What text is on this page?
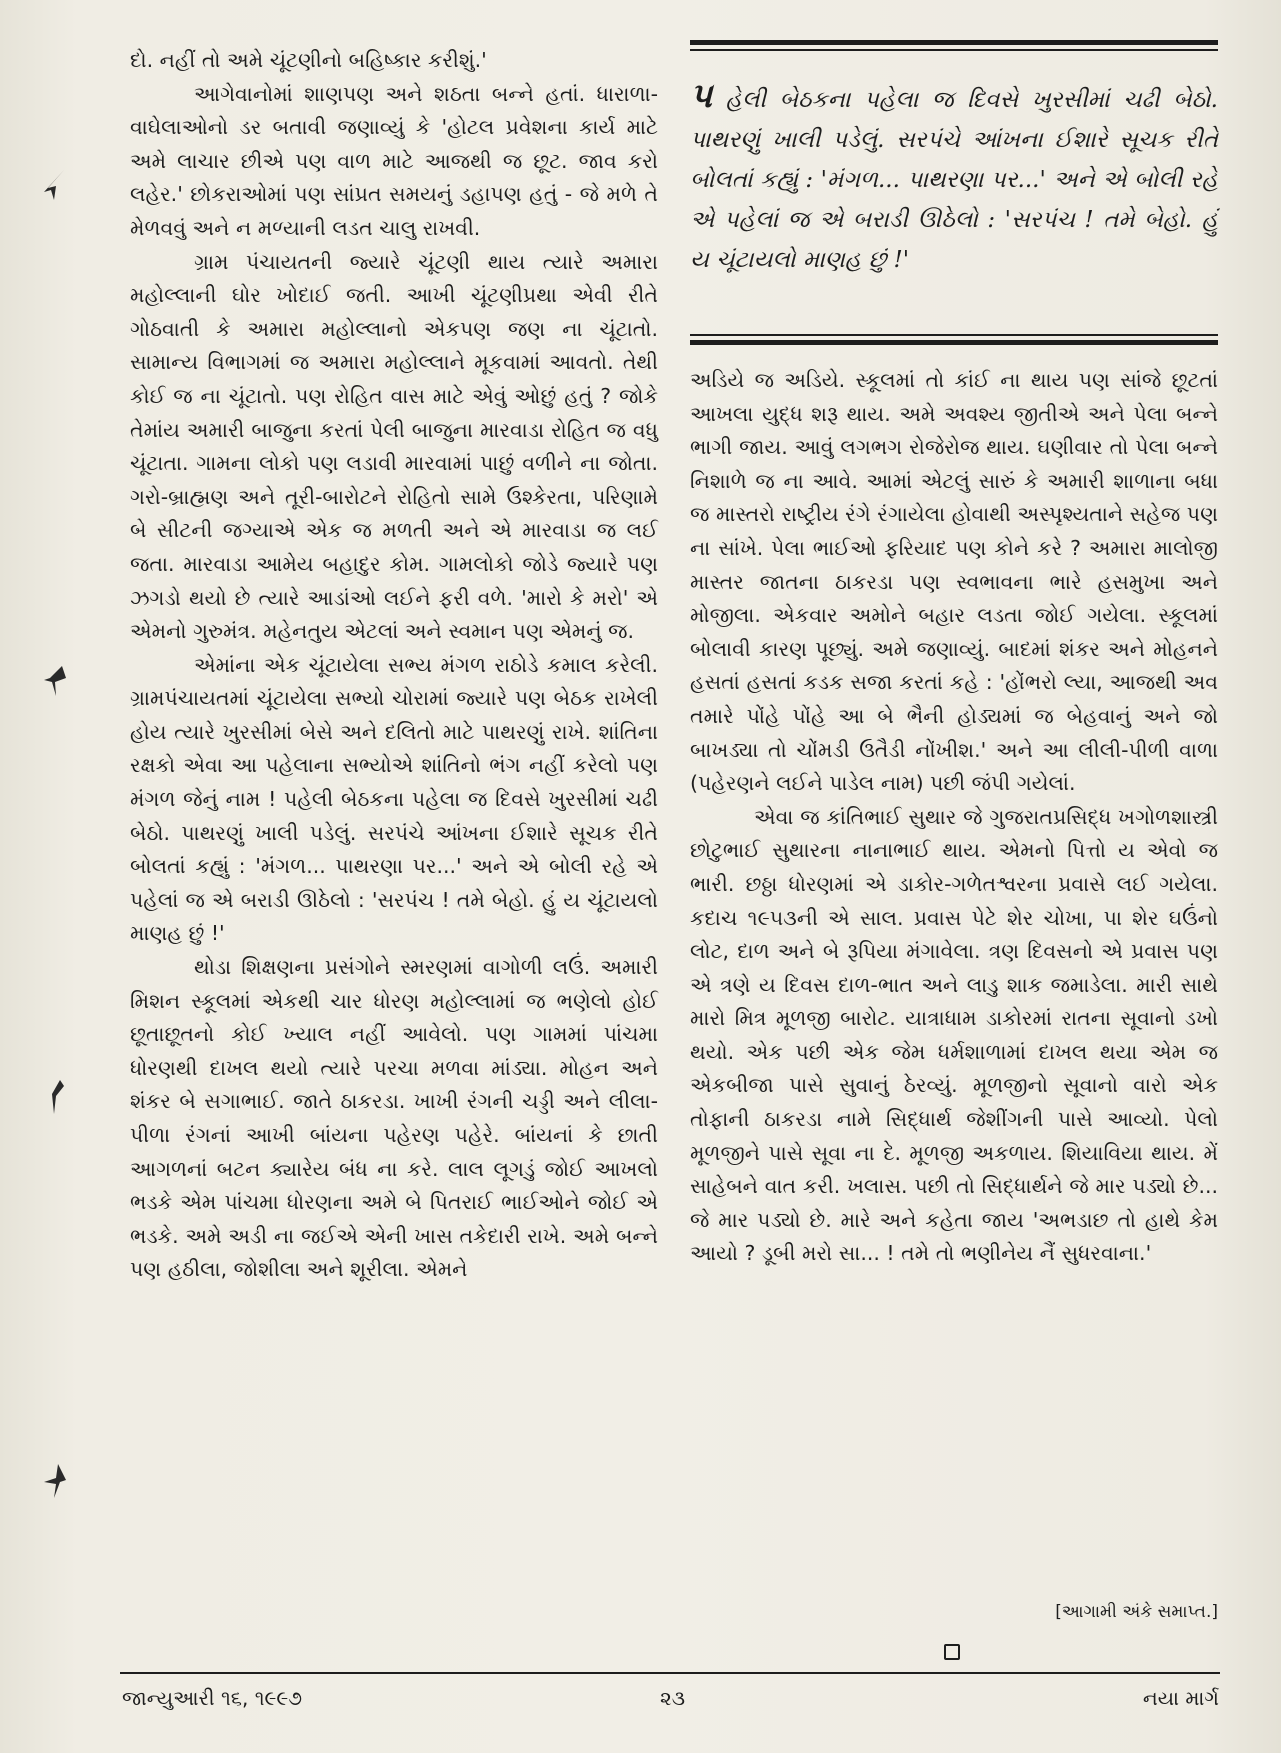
દો. નહીં તો અમે ચૂંટણીનો બહિષ્કાર કરીશું.'

આગેવાનોમાં શાણપણ અને શઠતા બન્ને હતાં. ધારાળા-વાઘેલાઓનો ડર બતાવી જણાવ્યું કે 'હોટલ પ્રવેશના કાર્ય માટે અમે લાચાર છીએ પણ વાળ માટે આજથી જ છૂટ. જાવ કરો લહેર.' છોકરાઓમાં પણ સાંપ્રત સમયનું ડહાપણ હતું - જે મળે તે મેળવવું અને ન મળ્યાની લડત ચાલુ રાખવી.

ગ્રામ પંચાયતની જ્યારે ચૂંટણી થાય ત્યારે અમારા મહોલ્લાની ઘોર ખોદાઈ જતી. આખી ચૂંટણીપ્રથા એવી રીતે ગોઠવાતી કે અમારા મહોલ્લાનો એકપણ જણ ના ચૂંટાતો. સામાન્ય વિભાગમાં જ અમારા મહોલ્લાને મૂકવામાં આવતો. તેથી કોઈ જ ના ચૂંટાતો. પણ રોહિત વાસ માટે એવું ઓછું હતું ? જોકે તેમાંય અમારી બાજુના કરતાં પેલી બાજુના મારવાડા રોહિત જ વધુ ચૂંટાતા. ગામના લોકો પણ લડાવી મારવામાં પાછું વળીને ના જોતા. ગરો-બ્રાહ્મણ અને તૂરી-બારોટને રોહિતો સામે ઉશ્કેરતા, પરિણામે બે સીટની જગ્યાએ એક જ મળતી અને એ મારવાડા જ લઈ જતા. મારવાડા આમેય બહાદુર કોમ. ગામલોકો જોડે જ્યારે પણ ઝગડો થયો છે ત્યારે આડાંઓ લઈને ફરી વળે. 'મારો કે મરો' એ એમનો ગુરુમંત્ર. મહેનતુય એટલાં અને સ્વમાન પણ એમનું જ.

એમાંના એક ચૂંટાયેલા સભ્ય મંગળ રાઠોડે કમાલ કરેલી. ગ્રામપંચાયતમાં ચૂંટાયેલા સભ્યો ચોરામાં જ્યારે પણ બેઠક રાખેલી હોય ત્યારે ખુરસીમાં બેસે અને દલિતો માટે પાથરણું રાખે. શાંતિના રક્ષકો એવા આ પહેલાના સભ્યોએ શાંતિનો ભંગ નહીં કરેલો પણ મંગળ જેનું નામ ! પહેલી બેઠકના પહેલા જ દિવસે ખુરસીમાં ચઢી બેઠો. પાથરણું ખાલી પડેલું. સરપંચે આંખના ઈશારે સૂચક રીતે બોલતાં કહ્યું : 'મંગળ... પાથરણા પર...' અને એ બોલી રહે એ પહેલાં જ એ બરાડી ઊઠેલો : 'સરપંચ ! તમે બેહો. હું ય ચૂંટાયલો માણહ છું !'

થોડા શિક્ષણના પ્રસંગોને સ્મરણમાં વાગોળી લઉં. અમારી મિશન સ્કૂલમાં એકથી ચાર ધોરણ મહોલ્લામાં જ ભણેલો હોઈ છૂતાછૂતનો કોઈ ખ્યાલ નહીં આવેલો. પણ ગામમાં પાંચમા ધોરણથી દાખલ થયો ત્યારે પરચા મળવા માંડ્યા. મોહન અને શંકર બે સગાભાઈ. જાતે ઠાકરડા. ખાખી રંગની ચડ્ડી અને લીલા-પીળા રંગનાં આખી બાંયના પહેરણ પહેરે. બાંયનાં કે છાતી આગળનાં બટન ક્યારેય બંધ ના કરે. લાલ લૂગડું જોઈ આખલો ભડકે એમ પાંચમા ધોરણના અમે બે પિતરાઈ ભાઈઓને જોઈ એ ભડકે. અમે અડી ના જઈએ એની ખાસ તકેદારી રાખે. અમે બન્ને પણ હઠીલા, જોશીલા અને શૂરીલા. એમને

પ હેલી બેઠકના પહેલા જ દિવસે ખુરસીમાં ચઢી બેઠો. પાથરણું ખાલી પડેલું. સરપંચે આંખના ઈશારે સૂચક રીતે બોલતાં કહ્યું : 'મંગળ... પાથરણા પર...' અને એ બોલી રહે એ પહેલાં જ એ બરાડી ઊઠેલો : 'સરપંચ ! તમે બેહો. હું ય ચૂંટાયલો માણહ છું !'

અડિયે જ અડિયે. સ્કૂલમાં તો કાંઈ ના થાય પણ સાંજે છૂટતાં આખલા યુદ્ધ શરૂ થાય. અમે અવશ્ય જીતીએ અને પેલા બન્ને ભાગી જાય. આવું લગભગ રોજેરોજ થાય. ઘણીવાર તો પેલા બન્ને નિશાળે જ ના આવે. આમાં એટલું સારું કે અમારી શાળાના બધા જ માસ્તરો રાષ્ટ્રીય રંગે રંગાયેલા હોવાથી અસ્પૃશ્યતાને સહેજ પણ ના સાંખે. પેલા ભાઈઓ ફરિયાદ પણ કોને કરે ? અમારા માલોજી માસ્તર જાતના ઠાકરડા પણ સ્વભાવના ભારે હસમુખા અને મોજીલા. એકવાર અમોને બહાર લડતા જોઈ ગયેલા. સ્કૂલમાં બોલાવી કારણ પૂછ્યું. અમે જણાવ્યું. બાદમાં શંકર અને મોહનને હસતાં હસતાં કડક સજા કરતાં કહે : 'હોંભરો લ્યા, આજથી અવ તમારે પોંહે પોંહે આ બે ભૈની હોડ્યમાં જ બેહવાનું અને જો બાખડ્યા તો ચોંમડી ઉતૈડી નોંખીશ.' અને આ લીલી-પીળી વાળા (પહેરણને લઈને પાડેલ નામ) પછી જંપી ગયેલાં.

એવા જ કાંતિભાઈ સુથાર જે ગુજરાતપ્રસિદ્ધ ખગોળશાસ્ત્રી છોટુભાઈ સુથારના નાનાભાઈ થાય. એમનો પિત્તો ય એવો જ ભારી. છઠ્ઠા ધોરણમાં એ ડાકોર-ગળેતશ્વરના પ્રવાસે લઈ ગયેલા. કદાચ ૧૯૫૩ની એ સાલ. પ્રવાસ પેટે શેર ચોખા, પા શેર ઘઉંનો લોટ, દાળ અને બે રૂપિયા મંગાવેલા. ત્રણ દિવસનો એ પ્રવાસ પણ એ ત્રણે ય દિવસ દાળ-ભાત અને લાડુ શાક જમાડેલા. મારી સાથે મારો મિત્ર મૂળજી બારોટ. યાત્રાધામ ડાકોરમાં રાતના સૂવાનો ડખો થયો. એક પછી એક જેમ ધર્મશાળામાં દાખલ થયા એમ જ એકબીજા પાસે સુવાનું ઠેરવ્યું. મૂળજીનો સૂવાનો વારો એક તોફાની ઠાકરડા નામે સિદ્ધાર્થ જેશીંગની પાસે આવ્યો. પેલો મૂળજીને પાસે સૂવા ના દે. મૂળજી અકળાય. શિયાવિયા થાય. મેં સાહેબને વાત કરી. ખલાસ. પછી તો સિદ્ધાર્થને જે માર પડ્યો છે... જે માર પડ્યો છે. મારે અને કહેતા જાય 'અભડાછ તો હાથે કેમ આયો ? ડૂબી મરો સા... ! તમે તો ભણીનેય નૈં સુધરવાના.'

[આગામી અંકે સમાપ્ત.]
જાન્યુઆરી ૧૬, ૧૯૯૭	૨૩	નયા માર્ગ
